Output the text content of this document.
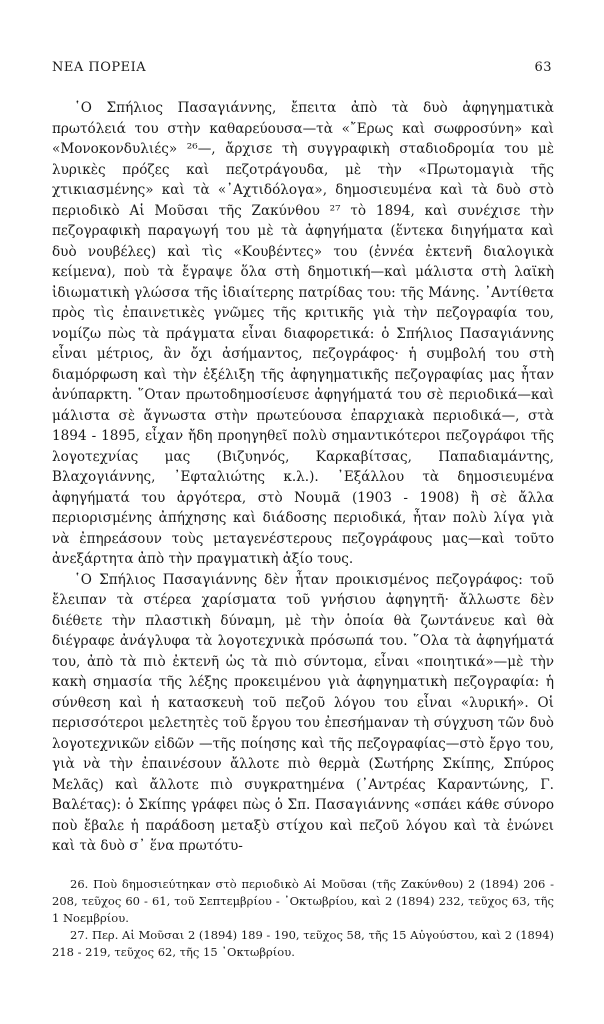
ΝΕΑ ΠΟΡΕΙΑ	63

῾Ο Σπήλιος Πασαγιάννης, ἔπειτα ἀπὸ τὰ δυὸ ἀφηγηματικὰ πρωτόλειά του στὴν καθαρεύουσα—τὰ «῎Ερως καὶ σωφροσύνη» καὶ «Μονοκονδυλιές» ²⁶—, ἄρχισε τὴ συγγραφικὴ σταδιοδρομία του μὲ λυρικὲς πρόζες καὶ πεζοτράγουδα, μὲ τὴν «Πρωτομαγιὰ τῆς χτικιασμένης» καὶ τὰ «᾿Αχτιδόλογα», δημοσιευμένα καὶ τὰ δυὸ στὸ περιοδικὸ Αἱ Μοῦσαι τῆς Ζακύνθου ²⁷ τὸ 1894, καὶ συνέχισε τὴν πεζογραφικὴ παραγωγή του μὲ τὰ ἀφηγήματα (ἕντεκα διηγήματα καὶ δυὸ νουβέλες) καὶ τὶς «Κουβέντες» του (ἐννέα ἐκτενῆ διαλογικὰ κείμενα), ποὺ τὰ ἔγραψε ὅλα στὴ δημοτική—καὶ μάλιστα στὴ λαϊκὴ ἰδιωματικὴ γλώσσα τῆς ἰδιαίτερης πατρίδας του: τῆς Μάνης. ᾿Αντίθετα πρὸς τὶς ἐπαινετικὲς γνῶμες τῆς κριτικῆς γιὰ τὴν πεζογραφία του, νομίζω πὼς τὰ πράγματα εἶναι διαφορετικά: ὁ Σπήλιος Πασαγιάννης εἶναι μέτριος, ἂν ὄχι ἀσήμαντος, πεζογράφος· ἡ συμβολή του στὴ διαμόρφωση καὶ τὴν ἐξέλιξη τῆς ἀφηγηματικῆς πεζογραφίας μας ἦταν ἀνύπαρκτη. ῞Οταν πρωτοδημοσίευσε ἀφηγήματά του σὲ περιοδικά—καὶ μάλιστα σὲ ἄγνωστα στὴν πρωτεύουσα ἐπαρχιακὰ περιοδικά—, στὰ 1894 - 1895, εἶχαν ἤδη προηγηθεῖ πολὺ σημαντικότεροι πεζογράφοι τῆς λογοτεχνίας μας (Βιζυηνός, Καρκαβίτσας, Παπαδιαμάντης, Βλαχογιάννης, ᾿Εφταλιώτης κ.λ.). ᾿Εξάλλου τὰ δημοσιευμένα ἀφηγήματά του ἀργότερα, στὸ Νουμᾶ (1903 - 1908) ἢ σὲ ἄλλα περιορισμένης ἀπήχησης καὶ διάδοσης περιοδικά, ἦταν πολὺ λίγα γιὰ νὰ ἐπηρεάσουν τοὺς μεταγενέστερους πεζογράφους μας—καὶ τοῦτο ἀνεξάρτητα ἀπὸ τὴν πραγματικὴ ἀξίο τους.

῾Ο Σπήλιος Πασαγιάννης δὲν ἦταν προικισμένος πεζογράφος: τοῦ ἔλειπαν τὰ στέρεα χαρίσματα τοῦ γνήσιου ἀφηγητῆ· ἄλλωστε δὲν διέθετε τὴν πλαστικὴ δύναμη, μὲ τὴν ὁποία θὰ ζωντάνευε καὶ θὰ διέγραφε ἀνάγλυφα τὰ λογοτεχνικὰ πρόσωπά του. ῞Ολα τὰ ἀφηγήματά του, ἀπὸ τὰ πιὸ ἐκτενῆ ὡς τὰ πιὸ σύντομα, εἶναι «ποιητικά»—μὲ τὴν κακὴ σημασία τῆς λέξης προκειμένου γιὰ ἀφηγηματικὴ πεζογραφία: ἡ σύνθεση καὶ ἡ κατασκευὴ τοῦ πεζοῦ λόγου του εἶναι «λυρική». Οἱ περισσότεροι μελετητὲς τοῦ ἔργου του ἐπεσήμαναν τὴ σύγχυση τῶν δυὸ λογοτεχνικῶν εἰδῶν —τῆς ποίησης καὶ τῆς πεζογραφίας—στὸ ἔργο του, γιὰ νὰ τὴν ἐπαινέσουν ἄλλοτε πιὸ θερμὰ (Σωτήρης Σκίπης, Σπύρος Μελᾶς) καὶ ἄλλοτε πιὸ συγκρατημένα (᾿Αντρέας Καραντώνης, Γ. Βαλέτας): ὁ Σκίπης γράφει πὼς ὁ Σπ. Πασαγιάννης «σπάει κάθε σύνορο ποὺ ἔβαλε ἡ παράδοση μεταξὺ στίχου καὶ πεζοῦ λόγου καὶ τὰ ἑνώνει καὶ τὰ δυὸ σ᾿ ἕνα πρωτότυ-

26. Ποὺ δημοσιεύτηκαν στὸ περιοδικὸ Αἱ Μοῦσαι (τῆς Ζακύνθου) 2 (1894) 206 - 208, τεῦχος 60 - 61, τοῦ Σεπτεμβρίου - ᾿Οκτωβρίου, καὶ 2 (1894) 232, τεῦχος 63, τῆς 1 Νοεμβρίου.

27. Περ. Αἱ Μοῦσαι 2 (1894) 189 - 190, τεῦχος 58, τῆς 15 Αὐγούστου, καὶ 2 (1894) 218 - 219, τεῦχος 62, τῆς 15 ᾿Οκτωβρίου.
